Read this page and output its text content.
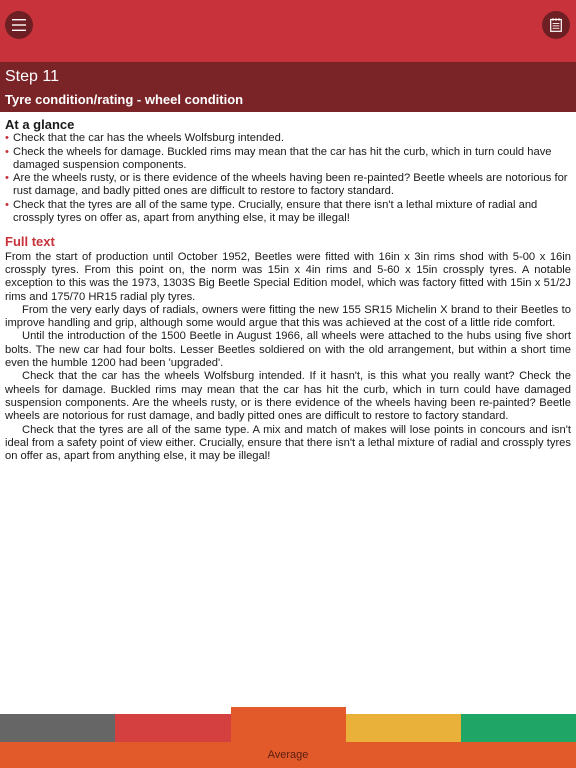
Step 11
Tyre condition/rating - wheel condition
At a glance
• Check that the car has the wheels Wolfsburg intended.
• Check the wheels for damage. Buckled rims may mean that the car has hit the curb, which in turn could have damaged suspension components.
• Are the wheels rusty, or is there evidence of the wheels having been re-painted? Beetle wheels are notorious for rust damage, and badly pitted ones are difficult to restore to factory standard.
• Check that the tyres are all of the same type. Crucially, ensure that there isn't a lethal mixture of radial and crossply tyres on offer as, apart from anything else, it may be illegal!
Full text

From the start of production until October 1952, Beetles were fitted with 16in x 3in rims shod with 5-00 x 16in crossply tyres. From this point on, the norm was 15in x 4in rims and 5-60 x 15in crossply tyres. A notable exception to this was the 1973, 1303S Big Beetle Special Edition model, which was factory fitted with 15in x 51/2J rims and 175/70 HR15 radial ply tyres.

From the very early days of radials, owners were fitting the new 155 SR15 Michelin X brand to their Beetles to improve handling and grip, although some would argue that this was achieved at the cost of a little ride comfort.

Until the introduction of the 1500 Beetle in August 1966, all wheels were attached to the hubs using five short bolts. The new car had four bolts. Lesser Beetles soldiered on with the old arrangement, but within a short time even the humble 1200 had been 'upgraded'.

Check that the car has the wheels Wolfsburg intended. If it hasn't, is this what you really want? Check the wheels for damage. Buckled rims may mean that the car has hit the curb, which in turn could have damaged suspension components. Are the wheels rusty, or is there evidence of the wheels having been re-painted? Beetle wheels are notorious for rust damage, and badly pitted ones are difficult to restore to factory standard.

Check that the tyres are all of the same type. A mix and match of makes will lose points in concours and isn't ideal from a safety point of view either. Crucially, ensure that there isn't a lethal mixture of radial and crossply tyres on offer as, apart from anything else, it may be illegal!

Average
